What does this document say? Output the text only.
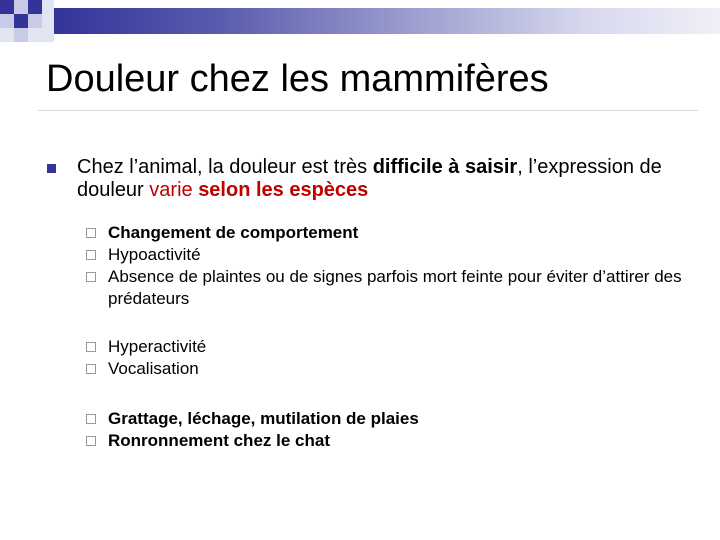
Douleur chez les mammifères
Chez l’animal, la douleur est très difficile à saisir, l’expression de douleur varie selon les espèces
Changement de comportement
Hypoactivité
Absence de plaintes ou de signes parfois mort feinte pour éviter d’attirer des prédateurs
Hyperactivité
Vocalisation
Grattage, léchage, mutilation de plaies
Ronronnement chez le chat
